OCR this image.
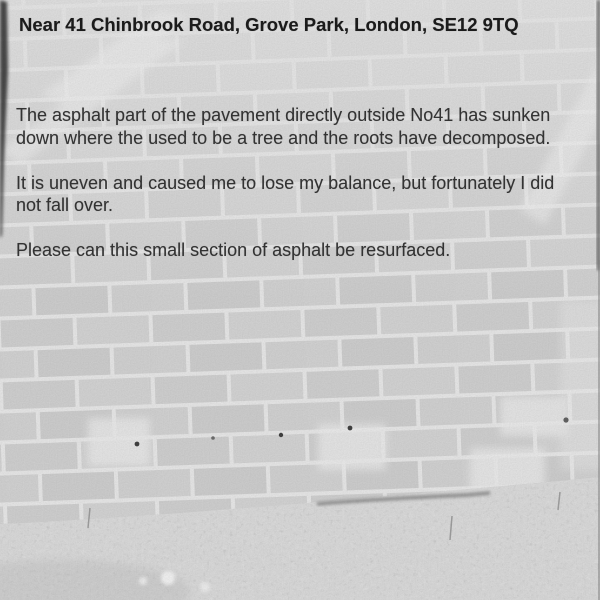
Near 41 Chinbrook Road, Grove Park, London, SE12 9TQ

The asphalt part of the pavement directly outside No41 has sunken down where the used to be a tree and the roots have decomposed.

It is uneven and caused me to lose my balance, but fortunately I did not fall over.

Please can this small section of asphalt be resurfaced.
